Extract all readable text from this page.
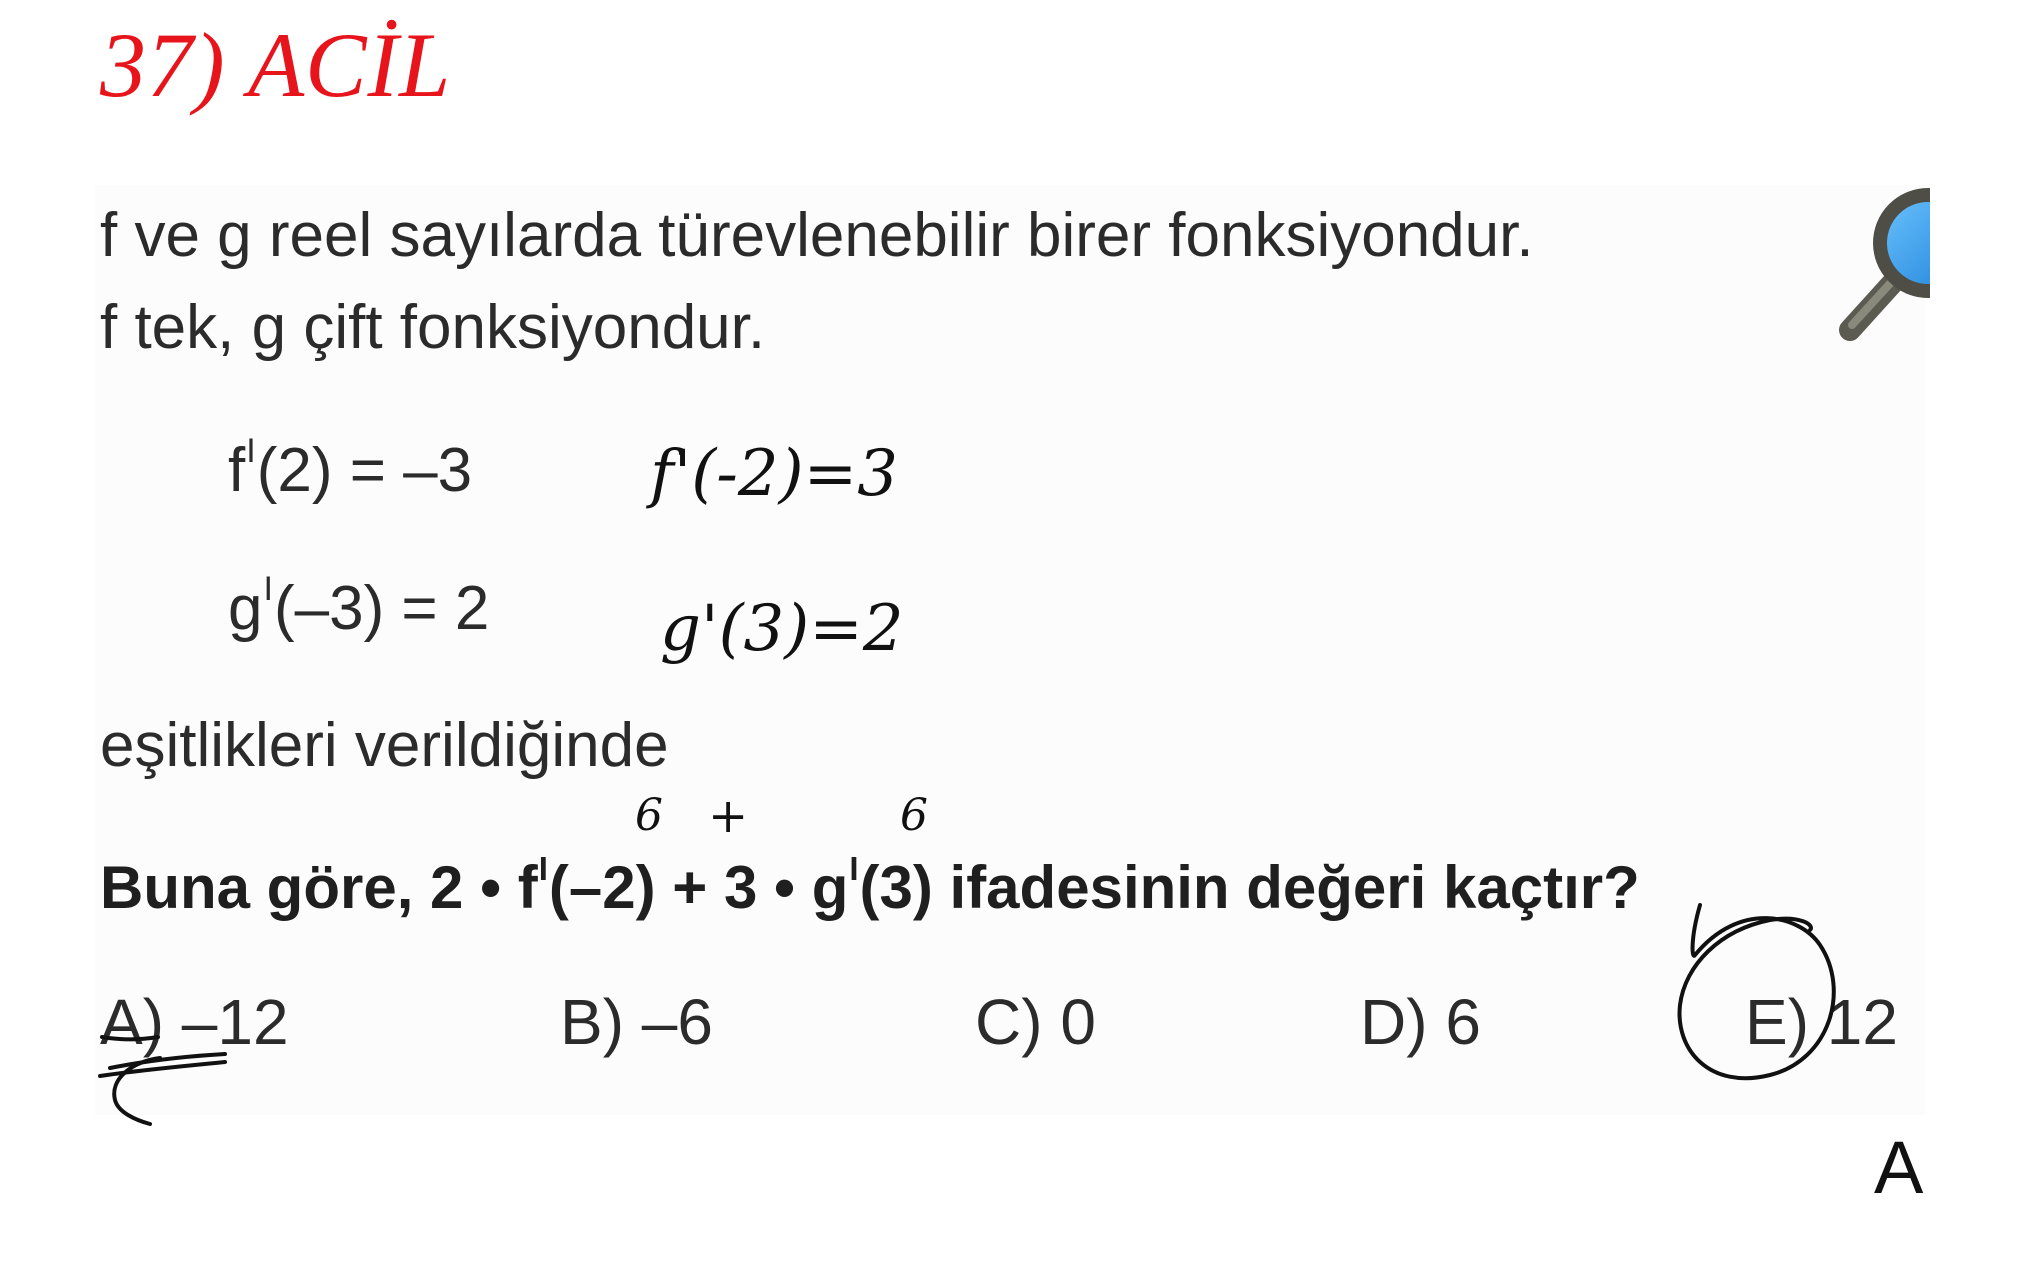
37) ACİL
f ve g reel sayılarda türevlenebilir birer fonksiyondur.
f tek, g çift fonksiyondur.
$f^I(2) = -3$
$g^I(-3) = 2$
eşitlikleri verildiğinde
Buna göre, 2 • $f^I(-2) + 3$ • $g^I(3)$ ifadesinin değeri kaçtır?
A) –12	B) –6	C) 0	D) 6	E) 12
A
f'(-2)=3
g'(3)=2
6 +	6
